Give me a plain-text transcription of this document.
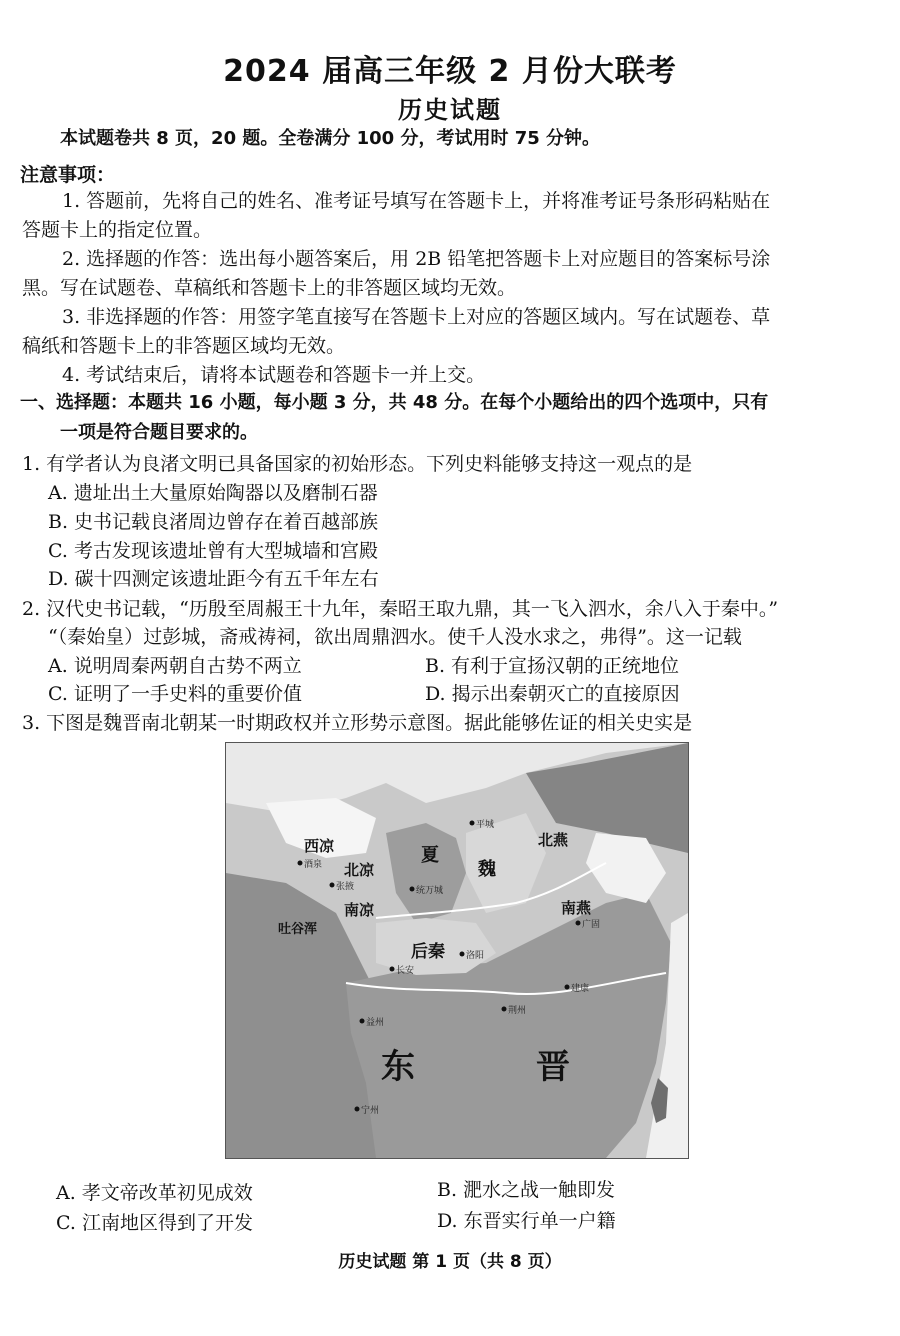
2024 届高三年级 2 月份大联考
历史试题
本试题卷共 8 页，20 题。全卷满分 100 分，考试用时 75 分钟。
注意事项：
1. 答题前，先将自己的姓名、准考证号填写在答题卡上，并将准考证号条形码粘贴在
答题卡上的指定位置。
2. 选择题的作答：选出每小题答案后，用 2B 铅笔把答题卡上对应题目的答案标号涂
黑。写在试题卷、草稿纸和答题卡上的非答题区域均无效。
3. 非选择题的作答：用签字笔直接写在答题卡上对应的答题区域内。写在试题卷、草
稿纸和答题卡上的非答题区域均无效。
4. 考试结束后，请将本试题卷和答题卡一并上交。
一、选择题：本题共 16 小题，每小题 3 分，共 48 分。在每个小题给出的四个选项中，只有
一项是符合题目要求的。
1. 有学者认为良渚文明已具备国家的初始形态。下列史料能够支持这一观点的是
A. 遗址出土大量原始陶器以及磨制石器
B. 史书记载良渚周边曾存在着百越部族
C. 考古发现该遗址曾有大型城墙和宫殿
D. 碳十四测定该遗址距今有五千年左右
2. 汉代史书记载，“历殷至周赧王十九年，秦昭王取九鼎，其一飞入泗水，余八入于秦中。”
“（秦始皇）过彭城，斋戒祷祠，欲出周鼎泗水。使千人没水求之，弗得”。这一记载
A. 说明周秦两朝自古势不两立	B. 有利于宣扬汉朝的正统地位
C. 证明了一手史料的重要价值	D. 揭示出秦朝灭亡的直接原因
3. 下图是魏晋南北朝某一时期政权并立形势示意图。据此能够佐证的相关史实是
西凉
北凉
南凉
夏
魏
北燕
南燕
后秦
东	晋
吐谷浑
酒泉
张掖
平城
广固
长安
洛阳
建康
荆州
益州
宁州
统万城
A. 孝文帝改革初见成效	B. 淝水之战一触即发
C. 江南地区得到了开发	D. 东晋实行单一户籍
历史试题 第 1 页（共 8 页）
